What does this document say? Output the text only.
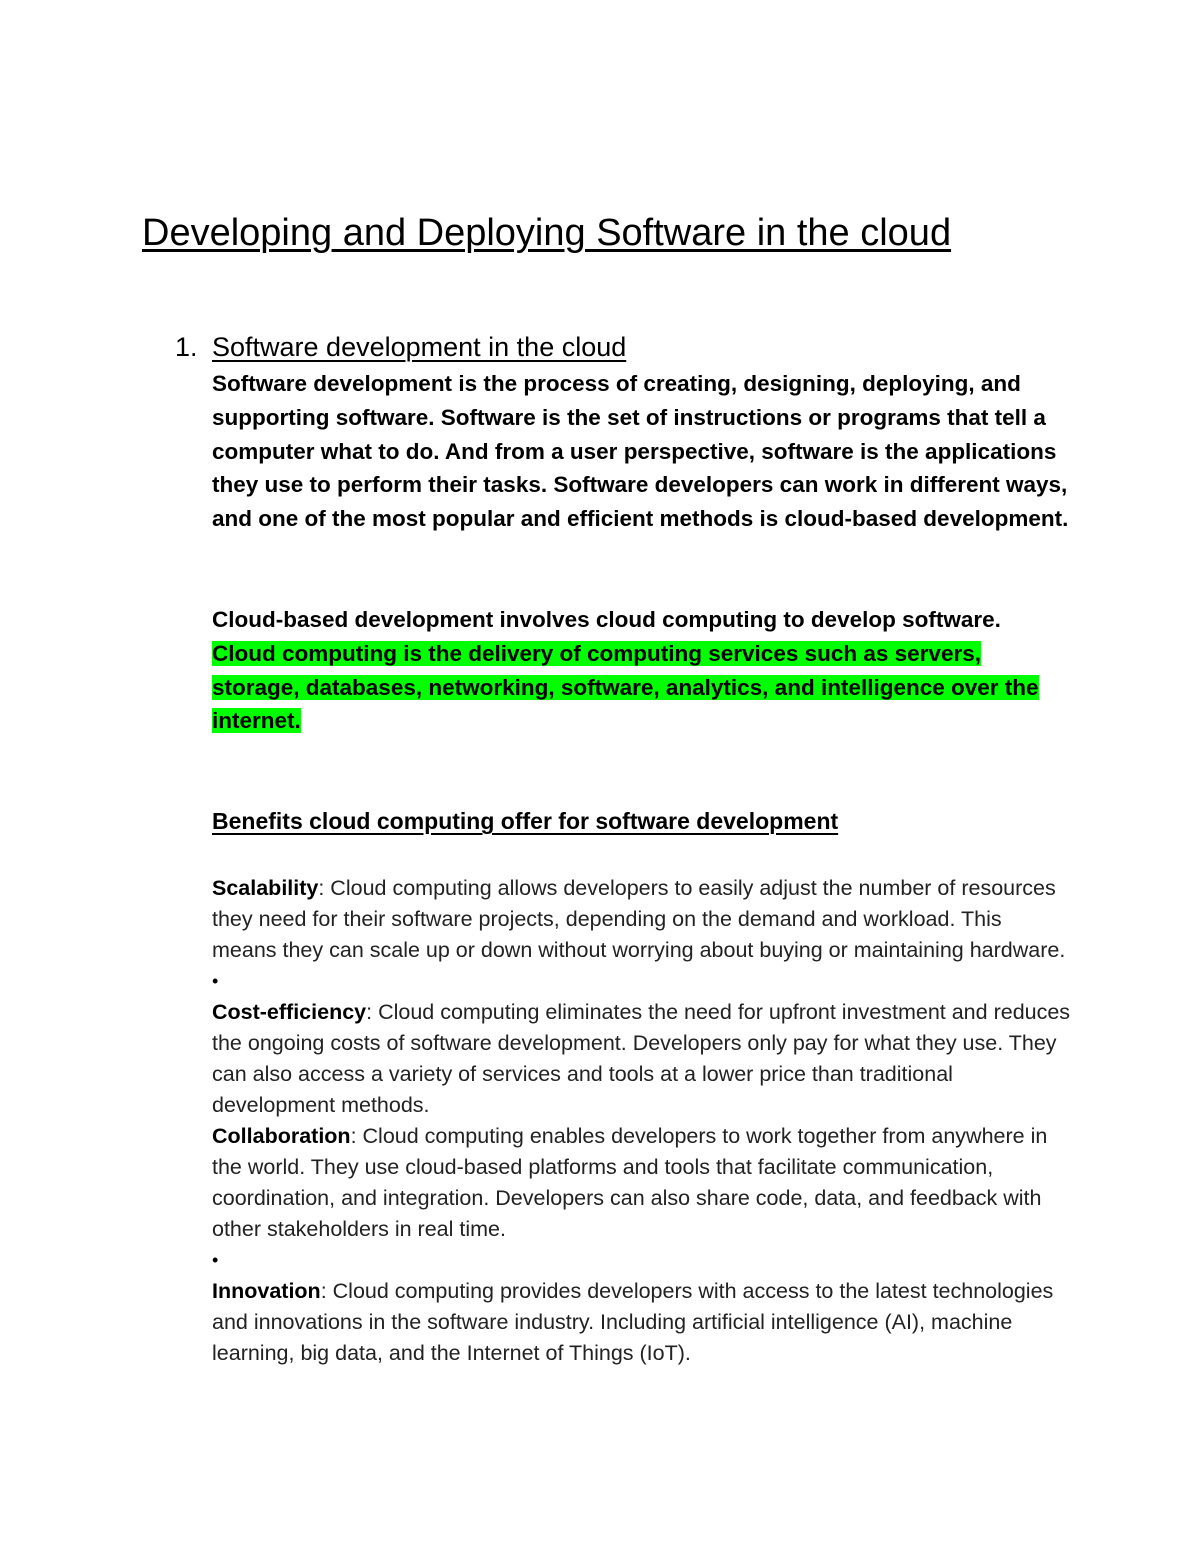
Developing and Deploying Software in the cloud
1. Software development in the cloud

Software development is the process of creating, designing, deploying, and supporting software. Software is the set of instructions or programs that tell a computer what to do. And from a user perspective, software is the applications they use to perform their tasks. Software developers can work in different ways, and one of the most popular and efficient methods is cloud-based development.

Cloud-based development involves cloud computing to develop software.
Cloud computing is the delivery of computing services such as servers, storage, databases, networking, software, analytics, and intelligence over the internet.

Benefits cloud computing offer for software development

Scalability: Cloud computing allows developers to easily adjust the number of resources they need for their software projects, depending on the demand and workload. This means they can scale up or down without worrying about buying or maintaining hardware.

•

Cost-efficiency: Cloud computing eliminates the need for upfront investment and reduces the ongoing costs of software development. Developers only pay for what they use. They can also access a variety of services and tools at a lower price than traditional development methods.

Collaboration: Cloud computing enables developers to work together from anywhere in the world. They use cloud-based platforms and tools that facilitate communication, coordination, and integration. Developers can also share code, data, and feedback with other stakeholders in real time.

•

Innovation: Cloud computing provides developers with access to the latest technologies and innovations in the software industry. Including artificial intelligence (AI), machine learning, big data, and the Internet of Things (IoT).
